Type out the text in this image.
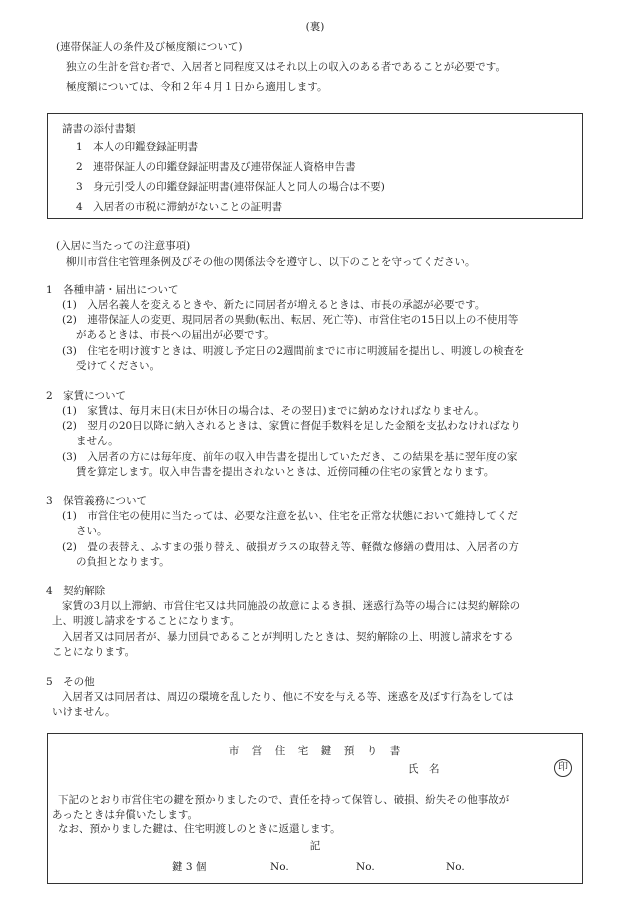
(裏)
(連帯保証人の条件及び極度額について)
独立の生計を営む者で、入居者と同程度又はそれ以上の収入のある者であることが必要です。
極度額については、令和２年４月１日から適用します。
請書の添付書類
1　本人の印鑑登録証明書
2　連帯保証人の印鑑登録証明書及び連帯保証人資格申告書
3　身元引受人の印鑑登録証明書(連帯保証人と同人の場合は不要)
4　入居者の市税に滞納がないことの証明書
(入居に当たっての注意事項)
柳川市営住宅管理条例及びその他の関係法令を遵守し、以下のことを守ってください。
1　各種申請・届出について
(1)　入居名義人を変えるときや、新たに同居者が増えるときは、市長の承認が必要です。
(2)　連帯保証人の変更、現同居者の異動(転出、転居、死亡等)、市営住宅の15日以上の不使用等
があるときは、市長への届出が必要です。
(3)　住宅を明け渡すときは、明渡し予定日の2週間前までに市に明渡届を提出し、明渡しの検査を
受けてください。
2　家賃について
(1)　家賃は、毎月末日(末日が休日の場合は、その翌日)までに納めなければなりません。
(2)　翌月の20日以降に納入されるときは、家賃に督促手数料を足した金額を支払わなければなり
ません。
(3)　入居者の方には毎年度、前年の収入申告書を提出していただき、この結果を基に翌年度の家
賃を算定します。収入申告書を提出されないときは、近傍同種の住宅の家賃となります。
3　保管義務について
(1)　市営住宅の使用に当たっては、必要な注意を払い、住宅を正常な状態において維持してくだ
さい。
(2)　畳の表替え、ふすまの張り替え、破損ガラスの取替え等、軽微な修繕の費用は、入居者の方
の負担となります。
4　契約解除
家賃の3月以上滞納、市営住宅又は共同施設の故意によるき損、迷惑行為等の場合には契約解除の
上、明渡し請求をすることになります。
入居者又は同居者が、暴力団員であることが判明したときは、契約解除の上、明渡し請求をする
ことになります。
5　その他
入居者又は同居者は、周辺の環境を乱したり、他に不安を与える等、迷惑を及ぼす行為をしては
いけません。
市　営　住　宅　鍵　預　り　書
氏　名	印
下記のとおり市営住宅の鍵を預かりましたので、責任を持って保管し、破損、紛失その他事故が
あったときは弁償いたします。
なお、預かりました鍵は、住宅明渡しのときに返還します。
記
鍵 3 個	No.	No.	No.
